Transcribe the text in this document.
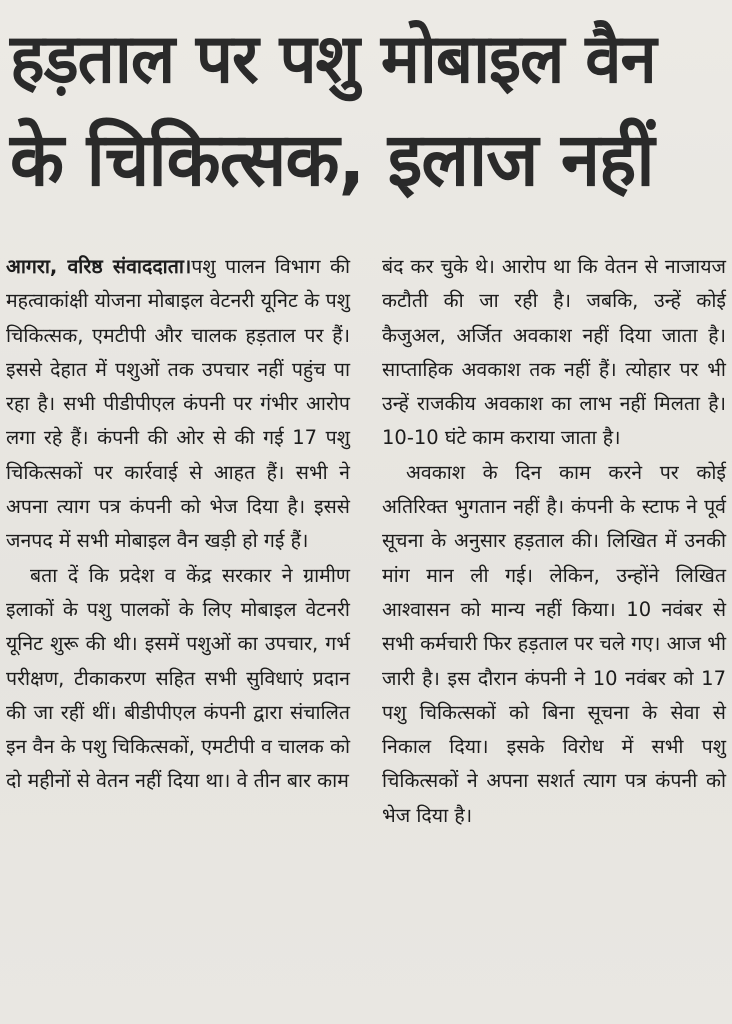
हड़ताल पर पशु मोबाइल वैन
के चिकित्सक, इलाज नहीं

आगरा, वरिष्ठ संवाददाता।पशु पालन विभाग की महत्वाकांक्षी योजना मोबाइल वेटनरी यूनिट के पशु चिकित्सक, एमटीपी और चालक हड़ताल पर हैं। इससे देहात में पशुओं तक उपचार नहीं पहुंच पा रहा है। सभी पीडीपीएल कंपनी पर गंभीर आरोप लगा रहे हैं। कंपनी की ओर से की गई 17 पशु चिकित्सकों पर कार्रवाई से आहत हैं। सभी ने अपना त्याग पत्र कंपनी को भेज दिया है। इससे जनपद में सभी मोबाइल वैन खड़ी हो गई हैं।

बता दें कि प्रदेश व केंद्र सरकार ने ग्रामीण इलाकों के पशु पालकों के लिए मोबाइल वेटनरी यूनिट शुरू की थी। इसमें पशुओं का उपचार, गर्भ परीक्षण, टीकाकरण सहित सभी सुविधाएं प्रदान की जा रहीं थीं। बीडीपीएल कंपनी द्वारा संचालित इन वैन के पशु चिकित्सकों, एमटीपी व चालक को दो महीनों से वेतन नहीं दिया था। वे तीन बार काम

बंद कर चुके थे। आरोप था कि वेतन से नाजायज कटौती की जा रही है। जबकि, उन्हें कोई कैजुअल, अर्जित अवकाश नहीं दिया जाता है। साप्ताहिक अवकाश तक नहीं हैं। त्योहार पर भी उन्हें राजकीय अवकाश का लाभ नहीं मिलता है। 10-10 घंटे काम कराया जाता है।

अवकाश के दिन काम करने पर कोई अतिरिक्त भुगतान नहीं है। कंपनी के स्टाफ ने पूर्व सूचना के अनुसार हड़ताल की। लिखित में उनकी मांग मान ली गई। लेकिन, उन्होंने लिखित आश्वासन को मान्य नहीं किया। 10 नवंबर से सभी कर्मचारी फिर हड़ताल पर चले गए। आज भी जारी है। इस दौरान कंपनी ने 10 नवंबर को 17 पशु चिकित्सकों को बिना सूचना के सेवा से निकाल दिया। इसके विरोध में सभी पशु चिकित्सकों ने अपना सशर्त त्याग पत्र कंपनी को भेज दिया है।
